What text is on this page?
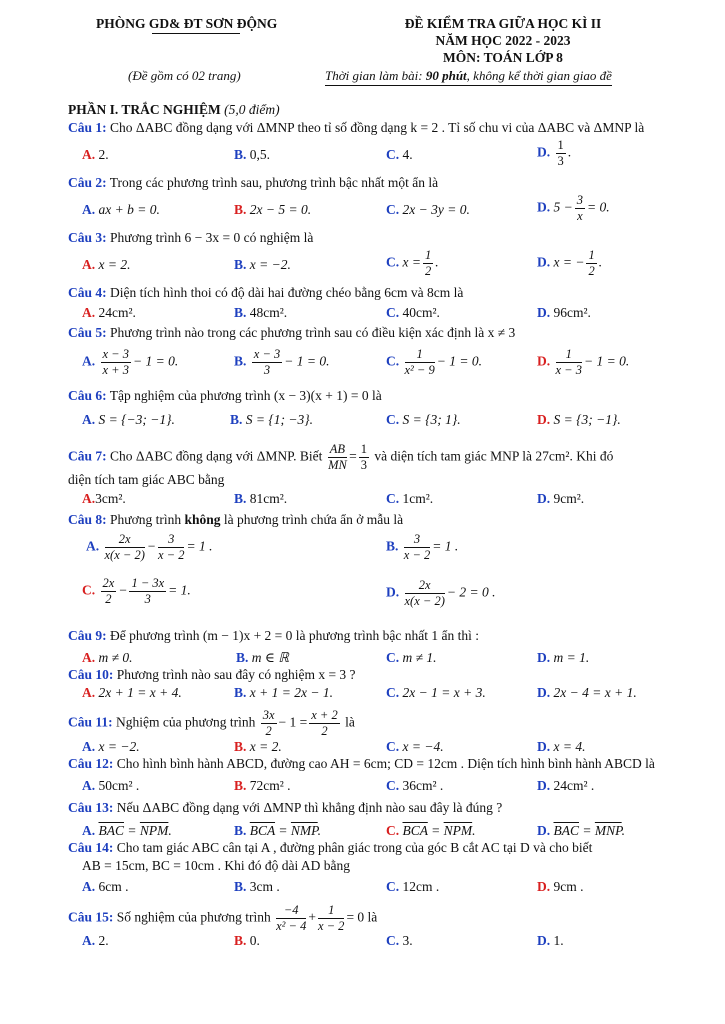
PHÒNG GD& ĐT SƠN ĐỘNG	ĐỀ KIỂM TRA GIỮA HỌC KÌ II
NĂM HỌC 2022 - 2023
MÔN: TOÁN LỚP 8
(Đề gồm có 02 trang)	Thời gian làm bài: 90 phút, không kể thời gian giao đề
PHẦN I. TRẮC NGHIỆM (5,0 điểm)
Câu 1: Cho ΔABC đồng dạng với ΔMNP theo tỉ số đồng dạng k = 2 . Tỉ số chu vi của ΔABC và ΔMNP là
A. 2.	B. 0,5.	C. 4.	D. $\frac{1}{3}$ .
Câu 2: Trong các phương trình sau, phương trình bậc nhất một ẩn là
A. ax + b = 0.	B. 2x − 5 = 0.	C. 2x − 3y = 0.	D. $5 - \frac{3}{x} = 0$.
Câu 3: Phương trình 6 − 3x = 0 có nghiệm là
A. x = 2.	B. x = −2.	C. $x = \frac{1}{2}$ .	D. x = − $\frac{1}{2}$ .
Câu 4: Diện tích hình thoi có độ dài hai đường chéo bằng 6cm và 8cm là
A. 24cm².	B. 48cm².	C. 40cm².	D. 96cm².
Câu 5: Phương trình nào trong các phương trình sau có điều kiện xác định là x ≠ 3
A. $\frac{x - 3}{x + 3} - 1 = 0$.	B. $\frac{x - 3}{3} - 1 = 0$.	C. $\frac{1}{\text{x² − 9}} - 1 = 0$.	D. $\frac{1}{x - 3} - 1 = 0$.
Câu 6: Tập nghiệm của phương trình (x − 3)(x + 1) = 0 là
A. S = {−3; −1}.	B. S = {1; −3}.	C. S = {3; 1}.	D. S = {3; −1}.
Câu 7: Cho ΔABC đồng dạng với ΔMNP. Biết $\frac{AB}{MN} = \frac{1}{3}$ và diện tích tam giác MNP là 27cm². Khi đó
diện tích tam giác ABC bằng
A.3cm².	B. 81cm².	C. 1cm².	D. 9cm².
Câu 8: Phương trình không là phương trình chứa ẩn ở mẫu là
A. $\frac{2x}{x(x - 2)} - \frac{3}{x - 2} = 1$ .	B. $\frac{3}{x - 2} = 1$ .
C. $\frac{2x}{2} - \frac{1 - 3x}{3} = 1$.	D. $\frac{2x}{x(x - 2)} - 2 = 0$ .
Câu 9: Để phương trình (m − 1)x + 2 = 0 là phương trình bậc nhất 1 ẩn thì :
A. m ≠ 0.	B. m ∈ ℝ	C. m ≠ 1.	D. m = 1.
Câu 10: Phương trình nào sau đây có nghiệm x = 3 ?
A. 2x + 1 = x + 4.	B. x + 1 = 2x − 1.	C. 2x − 1 = x + 3.	D. 2x − 4 = x + 1.
Câu 11: Nghiệm của phương trình $\frac{3x}{2} - 1 = \frac{x + 2}{2}$ là
A. x = −2.	B. x = 2.	C. x = −4.	D. x = 4.
Câu 12: Cho hình bình hành ABCD, đường cao AH = 6cm; CD = 12cm . Diện tích hình bình hành ABCD là
A. 50cm² .	B. 72cm² .	C. 36cm² .	D. 24cm² .
Câu 13: Nếu ΔABC đồng dạng với ΔMNP thì khẳng định nào sau đây là đúng ?
A. $\overline{BAC} = \overline{NPM}$.	B. $\overline{BCA} = \overline{NMP}$.	C. $\overline{BCA} = \overline{NPM}$.	D. $\overline{BAC} = \overline{MNP}$.
Câu 14: Cho tam giác ABC cân tại A , đường phân giác trong của góc B cắt AC tại D và cho biết
AB = 15cm, BC = 10cm . Khi đó độ dài AD bằng
A. 6cm .	B. 3cm .	C. 12cm .	D. 9cm .
Câu 15: Số nghiệm của phương trình $\frac{-4}{\text{x² − 4}} + \frac{1}{x - 2} = 0$ là
A. 2.	B. 0.	C. 3.	D. 1.
